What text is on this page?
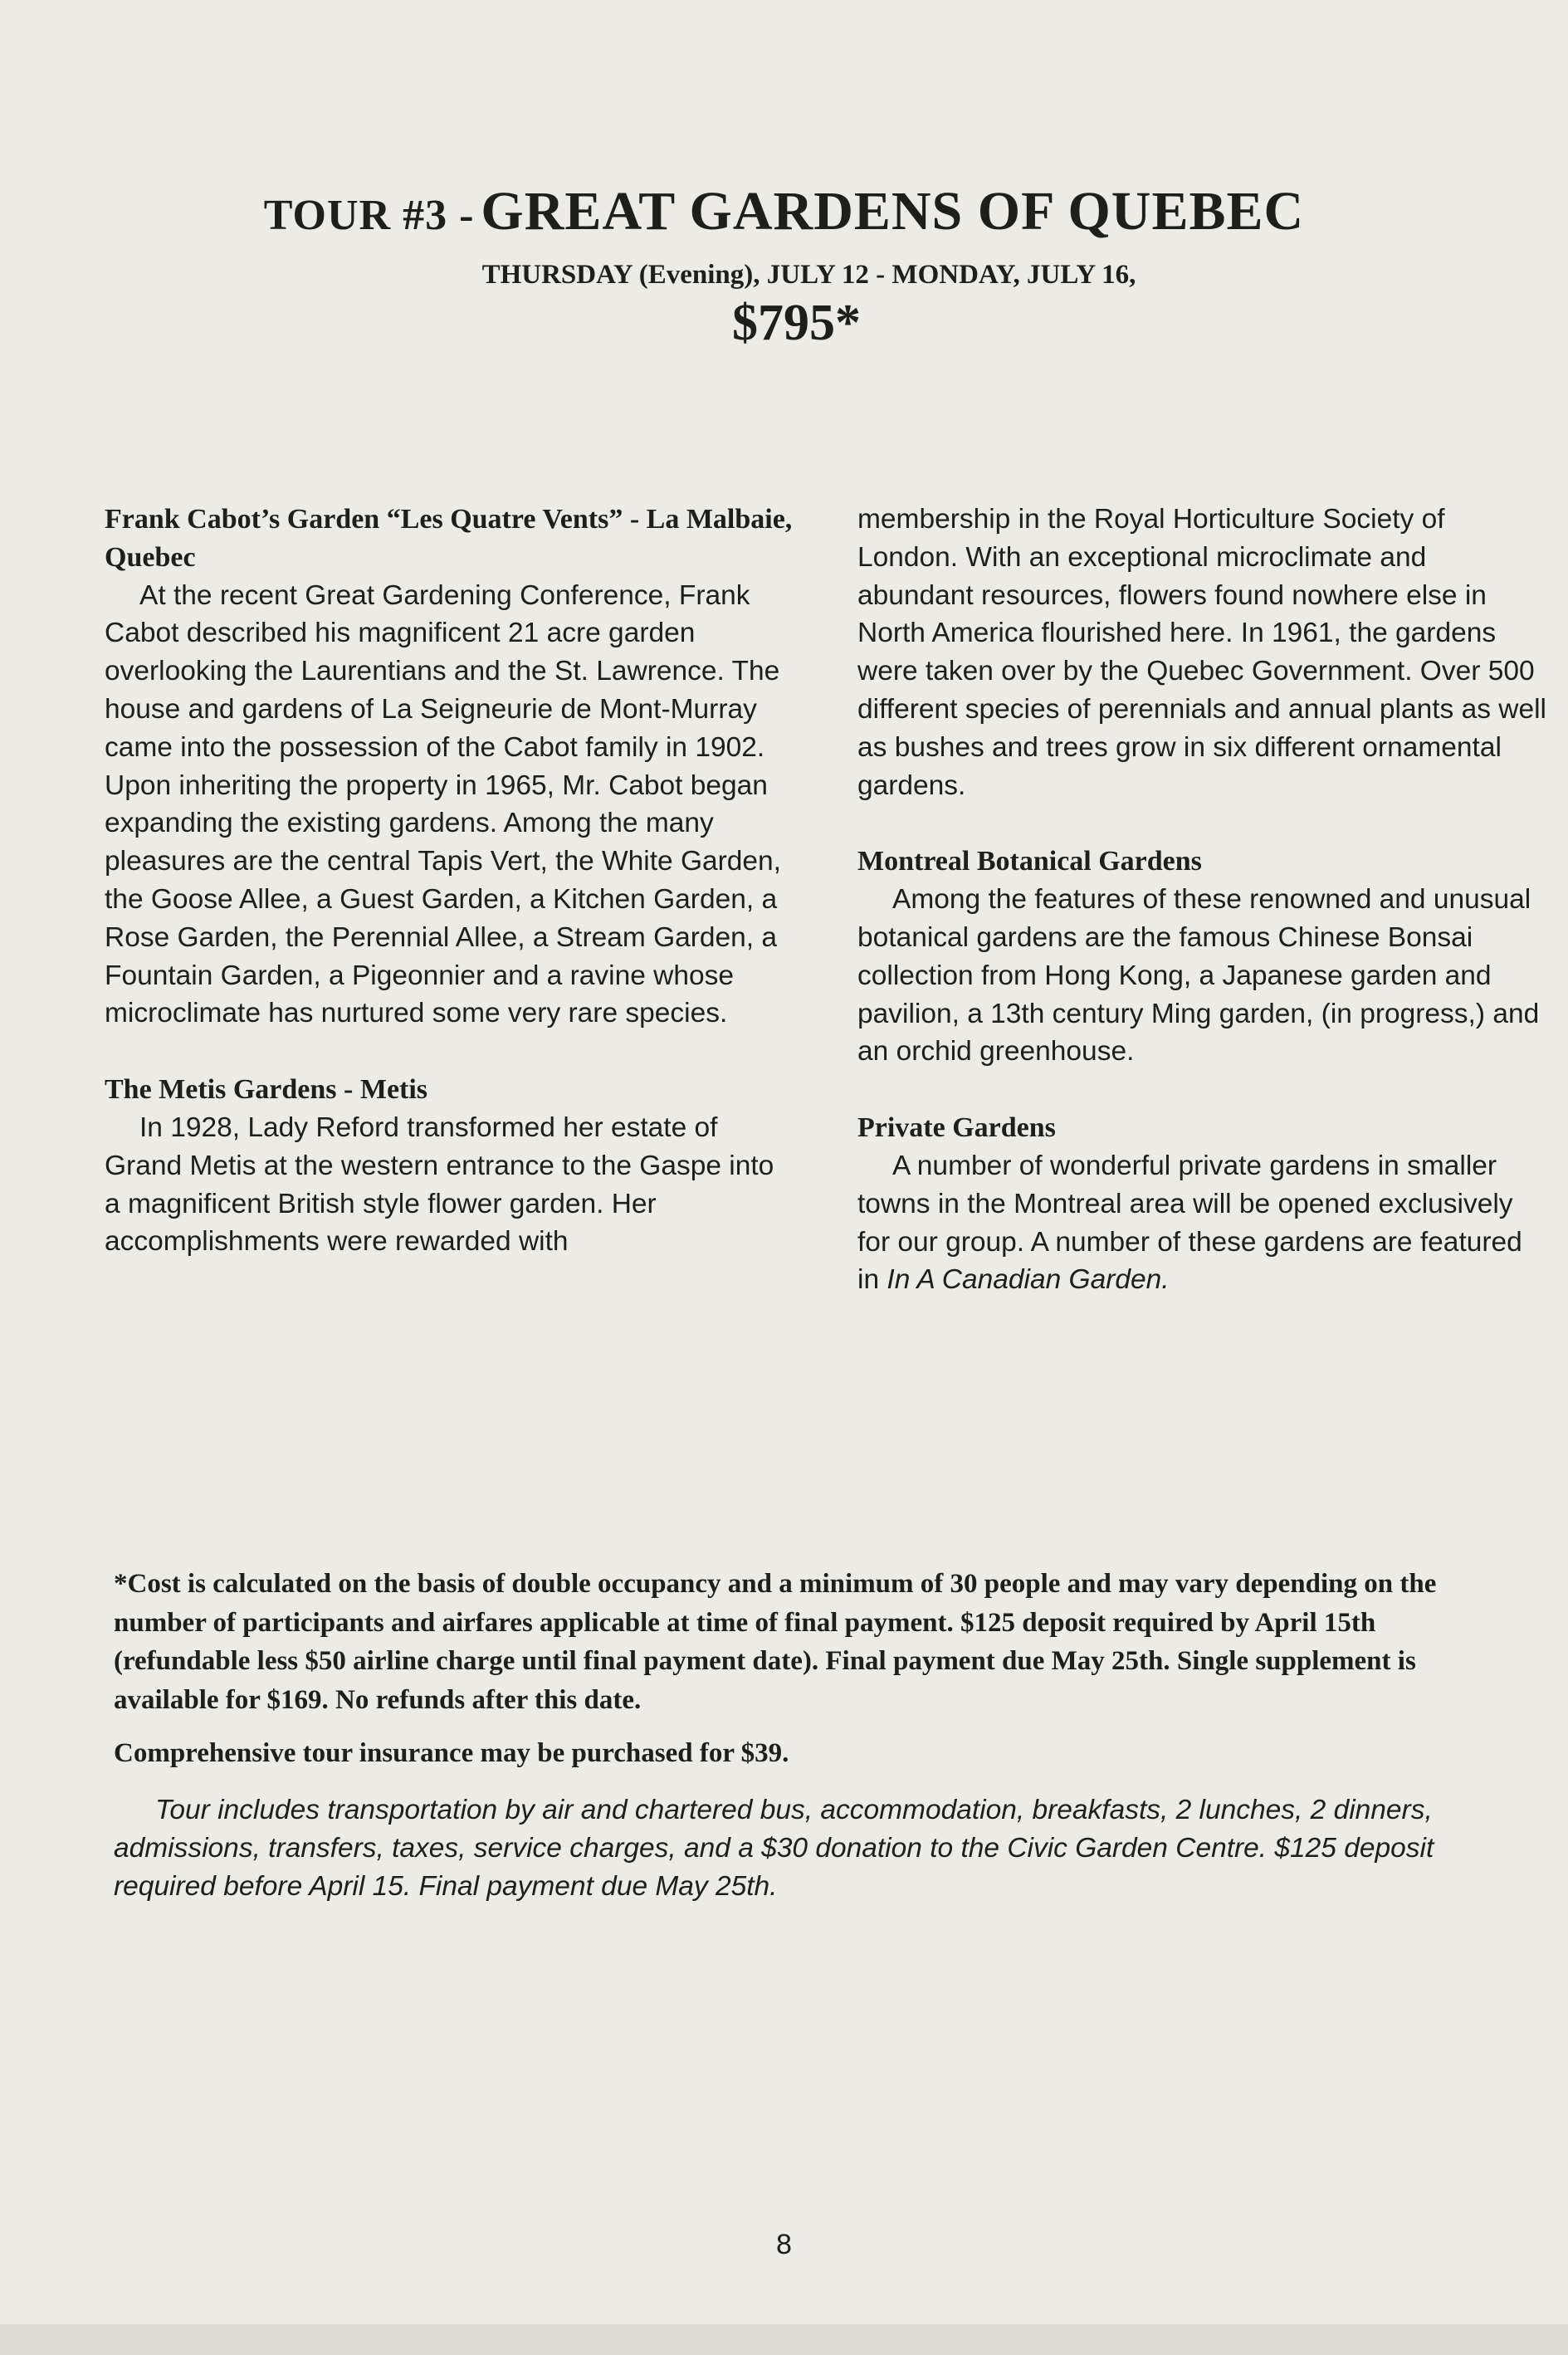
TOUR #3 - GREAT GARDENS OF QUEBEC
THURSDAY (Evening), JULY 12 - MONDAY, JULY 16,
$795*

Frank Cabot’s Garden “Les Quatre Vents” - La Malbaie, Quebec

At the recent Great Gardening Conference, Frank Cabot described his magnificent 21 acre garden overlooking the Laurentians and the St. Lawrence. The house and gardens of La Seigneurie de Mont-Murray came into the possession of the Cabot family in 1902. Upon inheriting the property in 1965, Mr. Cabot began expanding the existing gardens. Among the many pleasures are the central Tapis Vert, the White Garden, the Goose Allee, a Guest Garden, a Kitchen Garden, a Rose Garden, the Perennial Allee, a Stream Garden, a Fountain Garden, a Pigeonnier and a ravine whose microclimate has nurtured some very rare species.

The Metis Gardens - Metis

In 1928, Lady Reford transformed her estate of Grand Metis at the western entrance to the Gaspe into a magnificent British style flower garden. Her accomplishments were rewarded with

membership in the Royal Horticulture Society of London. With an exceptional microclimate and abundant resources, flowers found nowhere else in North America flourished here. In 1961, the gardens were taken over by the Quebec Government. Over 500 different species of perennials and annual plants as well as bushes and trees grow in six different ornamental gardens.

Montreal Botanical Gardens

Among the features of these renowned and unusual botanical gardens are the famous Chinese Bonsai collection from Hong Kong, a Japanese garden and pavilion, a 13th century Ming garden, (in progress,) and an orchid greenhouse.

Private Gardens

A number of wonderful private gardens in smaller towns in the Montreal area will be opened exclusively for our group. A number of these gardens are featured in In A Canadian Garden.

*Cost is calculated on the basis of double occupancy and a minimum of 30 people and may vary depending on the number of participants and airfares applicable at time of final payment. $125 deposit required by April 15th (refundable less $50 airline charge until final payment date). Final payment due May 25th. Single supplement is available for $169. No refunds after this date.

Comprehensive tour insurance may be purchased for $39.

Tour includes transportation by air and chartered bus, accommodation, breakfasts, 2 lunches, 2 dinners, admissions, transfers, taxes, service charges, and a $30 donation to the Civic Garden Centre. $125 deposit required before April 15. Final payment due May 25th.

8
